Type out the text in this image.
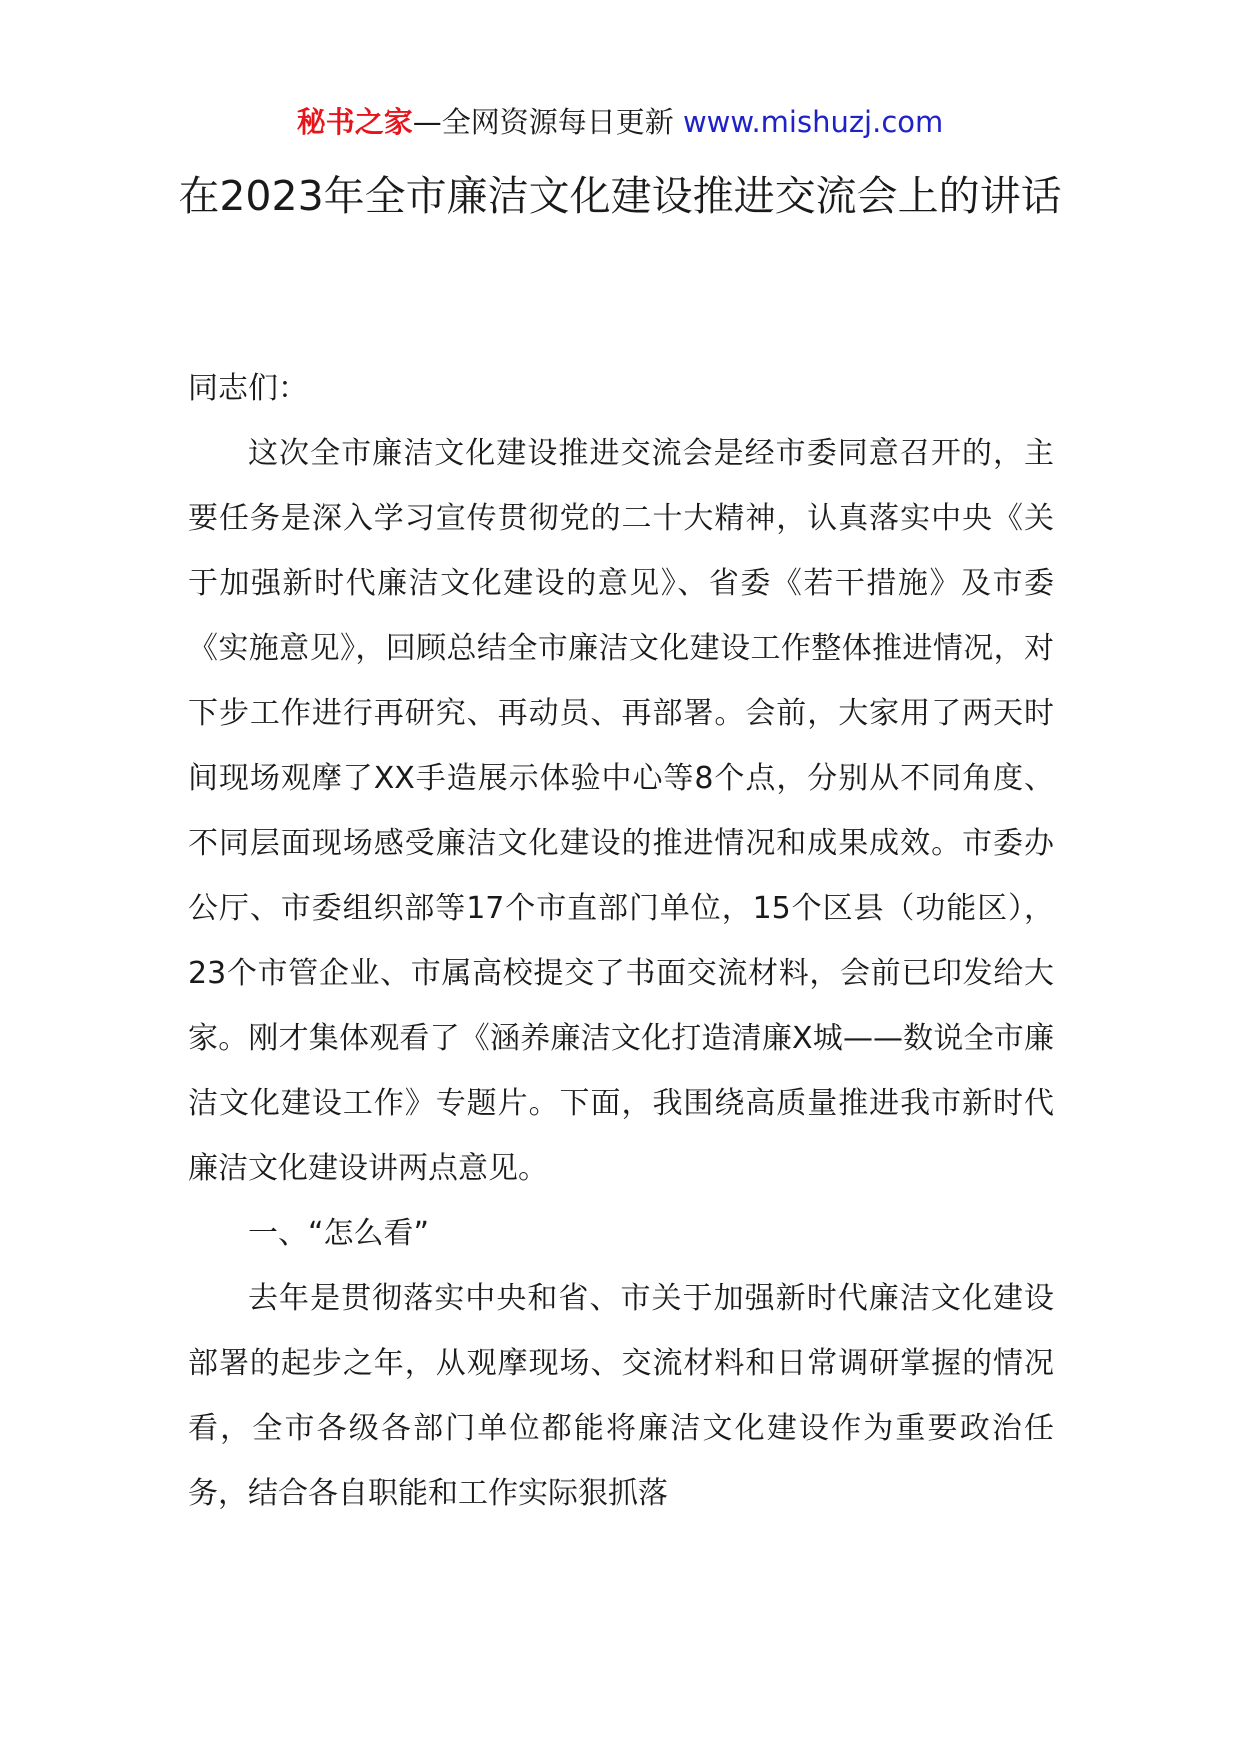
秘书之家—全网资源每日更新 www.mishuzj.com
在2023年全市廉洁文化建设推进交流会上的讲话

同志们：

这次全市廉洁文化建设推进交流会是经市委同意召开的，主要任务是深入学习宣传贯彻党的二十大精神，认真落实中央《关于加强新时代廉洁文化建设的意见》、省委《若干措施》及市委《实施意见》，回顾总结全市廉洁文化建设工作整体推进情况，对下步工作进行再研究、再动员、再部署。会前，大家用了两天时间现场观摩了XX手造展示体验中心等8个点，分别从不同角度、不同层面现场感受廉洁文化建设的推进情况和成果成效。市委办公厅、市委组织部等17个市直部门单位，15个区县（功能区），23个市管企业、市属高校提交了书面交流材料，会前已印发给大家。刚才集体观看了《涵养廉洁文化打造清廉X城——数说全市廉洁文化建设工作》专题片。下面，我围绕高质量推进我市新时代廉洁文化建设讲两点意见。

一、“怎么看”

去年是贯彻落实中央和省、市关于加强新时代廉洁文化建设部署的起步之年，从观摩现场、交流材料和日常调研掌握的情况看，全市各级各部门单位都能将廉洁文化建设作为重要政治任务，结合各自职能和工作实际狠抓落
